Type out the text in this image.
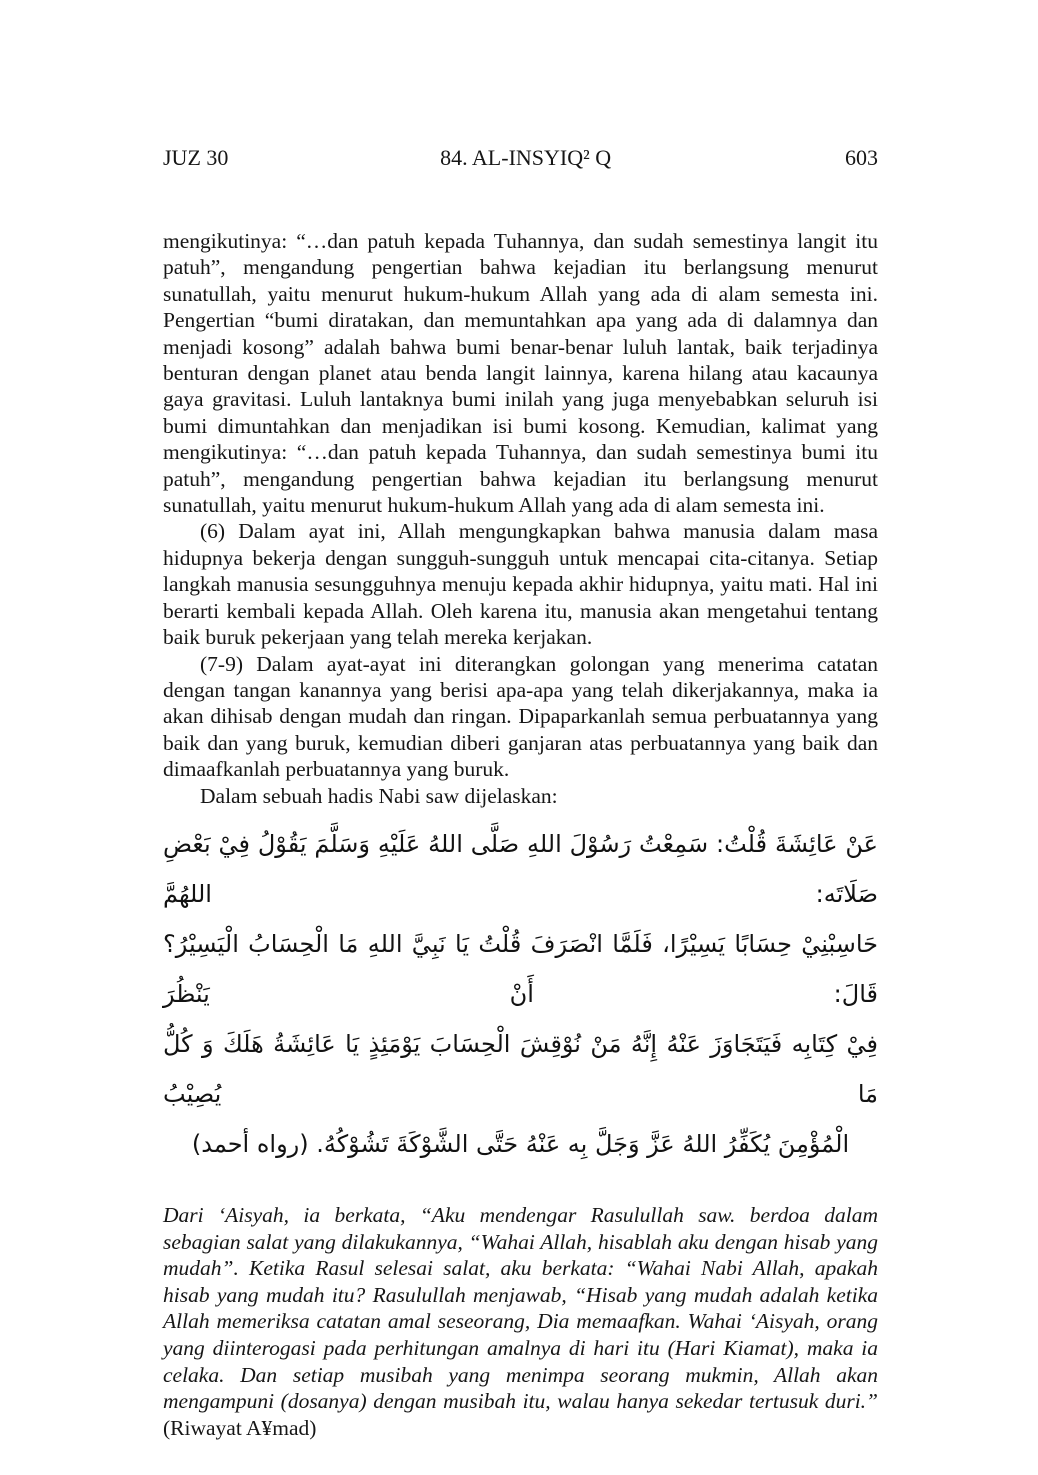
JUZ 30	84. AL-INSYIQ² Q	603

mengikutinya: “…dan patuh kepada Tuhannya, dan sudah semestinya langit itu patuh”, mengandung pengertian bahwa kejadian itu berlangsung menurut sunatullah, yaitu menurut hukum-hukum Allah yang ada di alam semesta ini. Pengertian “bumi diratakan, dan memuntahkan apa yang ada di dalamnya dan menjadi kosong” adalah bahwa bumi benar-benar luluh lantak, baik terjadinya benturan dengan planet atau benda langit lainnya, karena hilang atau kacaunya gaya gravitasi. Luluh lantaknya bumi inilah yang juga menyebabkan seluruh isi bumi dimuntahkan dan menjadikan isi bumi kosong. Kemudian, kalimat yang mengikutinya: “…dan patuh kepada Tuhannya, dan sudah semestinya bumi itu patuh”, mengandung pengertian bahwa kejadian itu berlangsung menurut sunatullah, yaitu menurut hukum-hukum Allah yang ada di alam semesta ini.

(6) Dalam ayat ini, Allah mengungkapkan bahwa manusia dalam masa hidupnya bekerja dengan sungguh-sungguh untuk mencapai cita-citanya. Setiap langkah manusia sesungguhnya menuju kepada akhir hidupnya, yaitu mati. Hal ini berarti kembali kepada Allah. Oleh karena itu, manusia akan mengetahui tentang baik buruk pekerjaan yang telah mereka kerjakan.

(7-9) Dalam ayat-ayat ini diterangkan golongan yang menerima catatan dengan tangan kanannya yang berisi apa-apa yang telah dikerjakannya, maka ia akan dihisab dengan mudah dan ringan. Dipaparkanlah semua perbuatannya yang baik dan yang buruk, kemudian diberi ganjaran atas perbuatannya yang baik dan dimaafkanlah perbuatannya yang buruk.

Dalam sebuah hadis Nabi saw dijelaskan:

عَنْ عَائِشَةَ قُلْتُ: سَمِعْتُ رَسُوْلَ اللهِ صَلَّى اللهُ عَلَيْهِ وَسَلَّمَ يَقُوْلُ فِيْ بَعْضِ صَلَاتَه: اللهُمَّ
حَاسِبْنِيْ حِسَابًا يَسِيْرًا، فَلَمَّا انْصَرَفَ قُلْتُ يَا نَبِيَّ اللهِ مَا الْحِسَابُ الْيَسِيْرُ؟ قَالَ: أَنْ يَنْظُرَ
فِيْ كِتَابِه فَيَتَجَاوَزَ عَنْهُ إِنَّهُ مَنْ نُوْقِشَ الْحِسَابَ يَوْمَئِذٍ يَا عَائِشَةُ هَلَكَ وَ كُلُّ مَا يُصِيْبُ
الْمُؤْمِنَ يُكَفِّرُ اللهُ عَزَّ وَجَلَّ بِه عَنْهُ حَتَّى الشَّوْكَةَ تَشُوْكُهُ. (رواه أحمد)

Dari ‘Aisyah, ia berkata, “Aku mendengar Rasulullah saw. berdoa dalam sebagian salat yang dilakukannya, “Wahai Allah, hisablah aku dengan hisab yang mudah”. Ketika Rasul selesai salat, aku berkata: “Wahai Nabi Allah, apakah hisab yang mudah itu? Rasulullah menjawab, “Hisab yang mudah adalah ketika Allah memeriksa catatan amal seseorang, Dia memaafkan. Wahai ‘Aisyah, orang yang diinterogasi pada perhitungan amalnya di hari itu (Hari Kiamat), maka ia celaka. Dan setiap musibah yang menimpa seorang mukmin, Allah akan mengampuni (dosanya) dengan musibah itu, walau hanya sekedar tertusuk duri.” (Riwayat A¥mad)
